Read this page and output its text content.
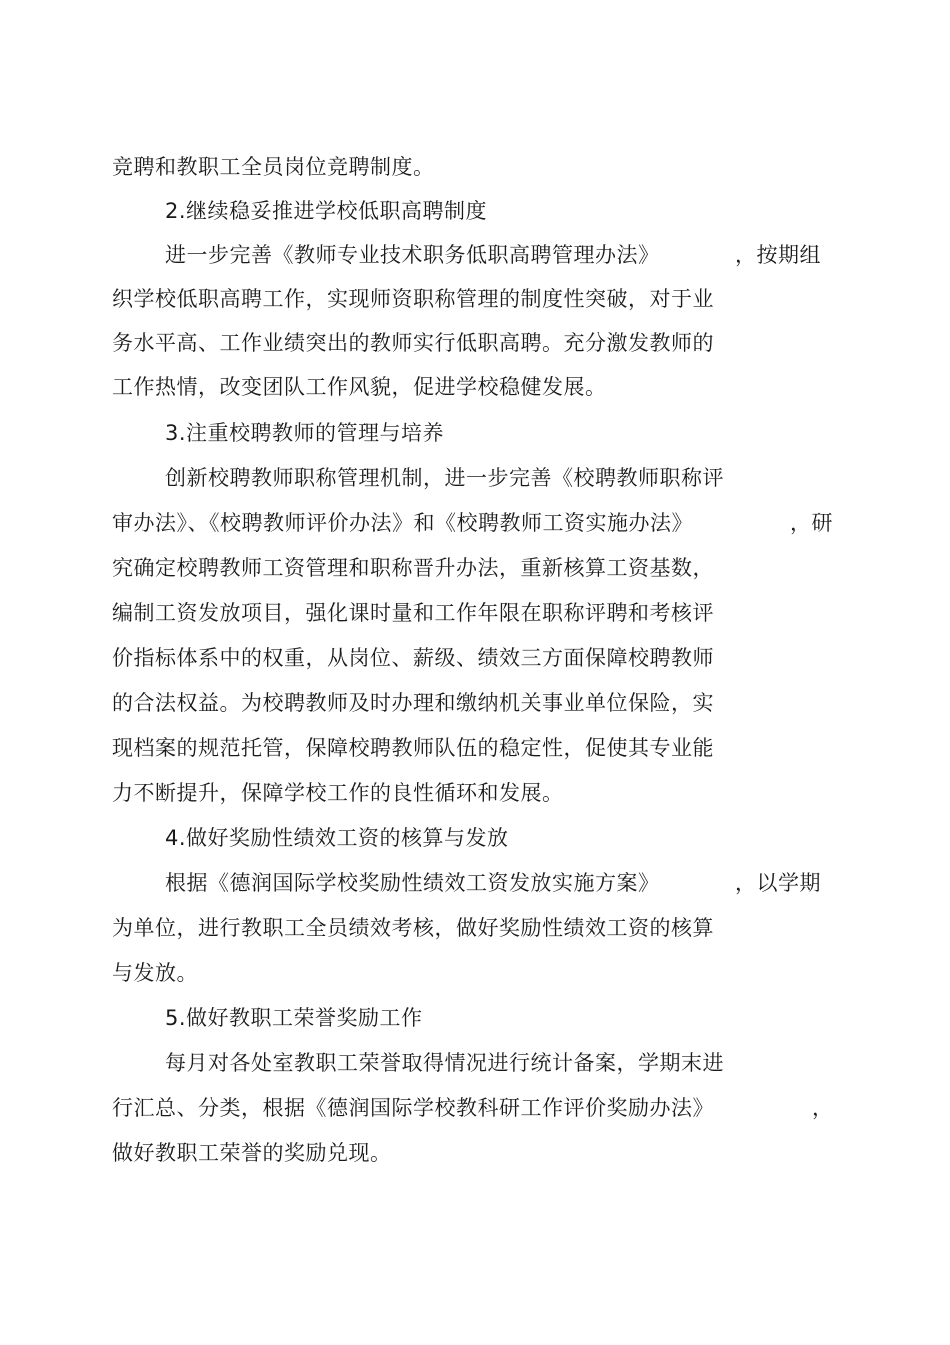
竞聘和教职工全员岗位竞聘制度。
2.继续稳妥推进学校低职高聘制度
进一步完善《教师专业技术职务低职高聘管理办法》	，按期组
织学校低职高聘工作，实现师资职称管理的制度性突破，对于业
务水平高、工作业绩突出的教师实行低职高聘。充分激发教师的
工作热情，改变团队工作风貌，促进学校稳健发展。
3.注重校聘教师的管理与培养
创新校聘教师职称管理机制，进一步完善《校聘教师职称评
审办法》、《校聘教师评价办法》和《校聘教师工资实施办法》	，研
究确定校聘教师工资管理和职称晋升办法，重新核算工资基数，
编制工资发放项目，强化课时量和工作年限在职称评聘和考核评
价指标体系中的权重，从岗位、薪级、绩效三方面保障校聘教师
的合法权益。为校聘教师及时办理和缴纳机关事业单位保险，实
现档案的规范托管，保障校聘教师队伍的稳定性，促使其专业能
力不断提升，保障学校工作的良性循环和发展。
4.做好奖励性绩效工资的核算与发放
根据《德润国际学校奖励性绩效工资发放实施方案》	，以学期
为单位，进行教职工全员绩效考核，做好奖励性绩效工资的核算
与发放。
5.做好教职工荣誉奖励工作
每月对各处室教职工荣誉取得情况进行统计备案，学期末进
行汇总、分类，根据《德润国际学校教科研工作评价奖励办法》	，
做好教职工荣誉的奖励兑现。
